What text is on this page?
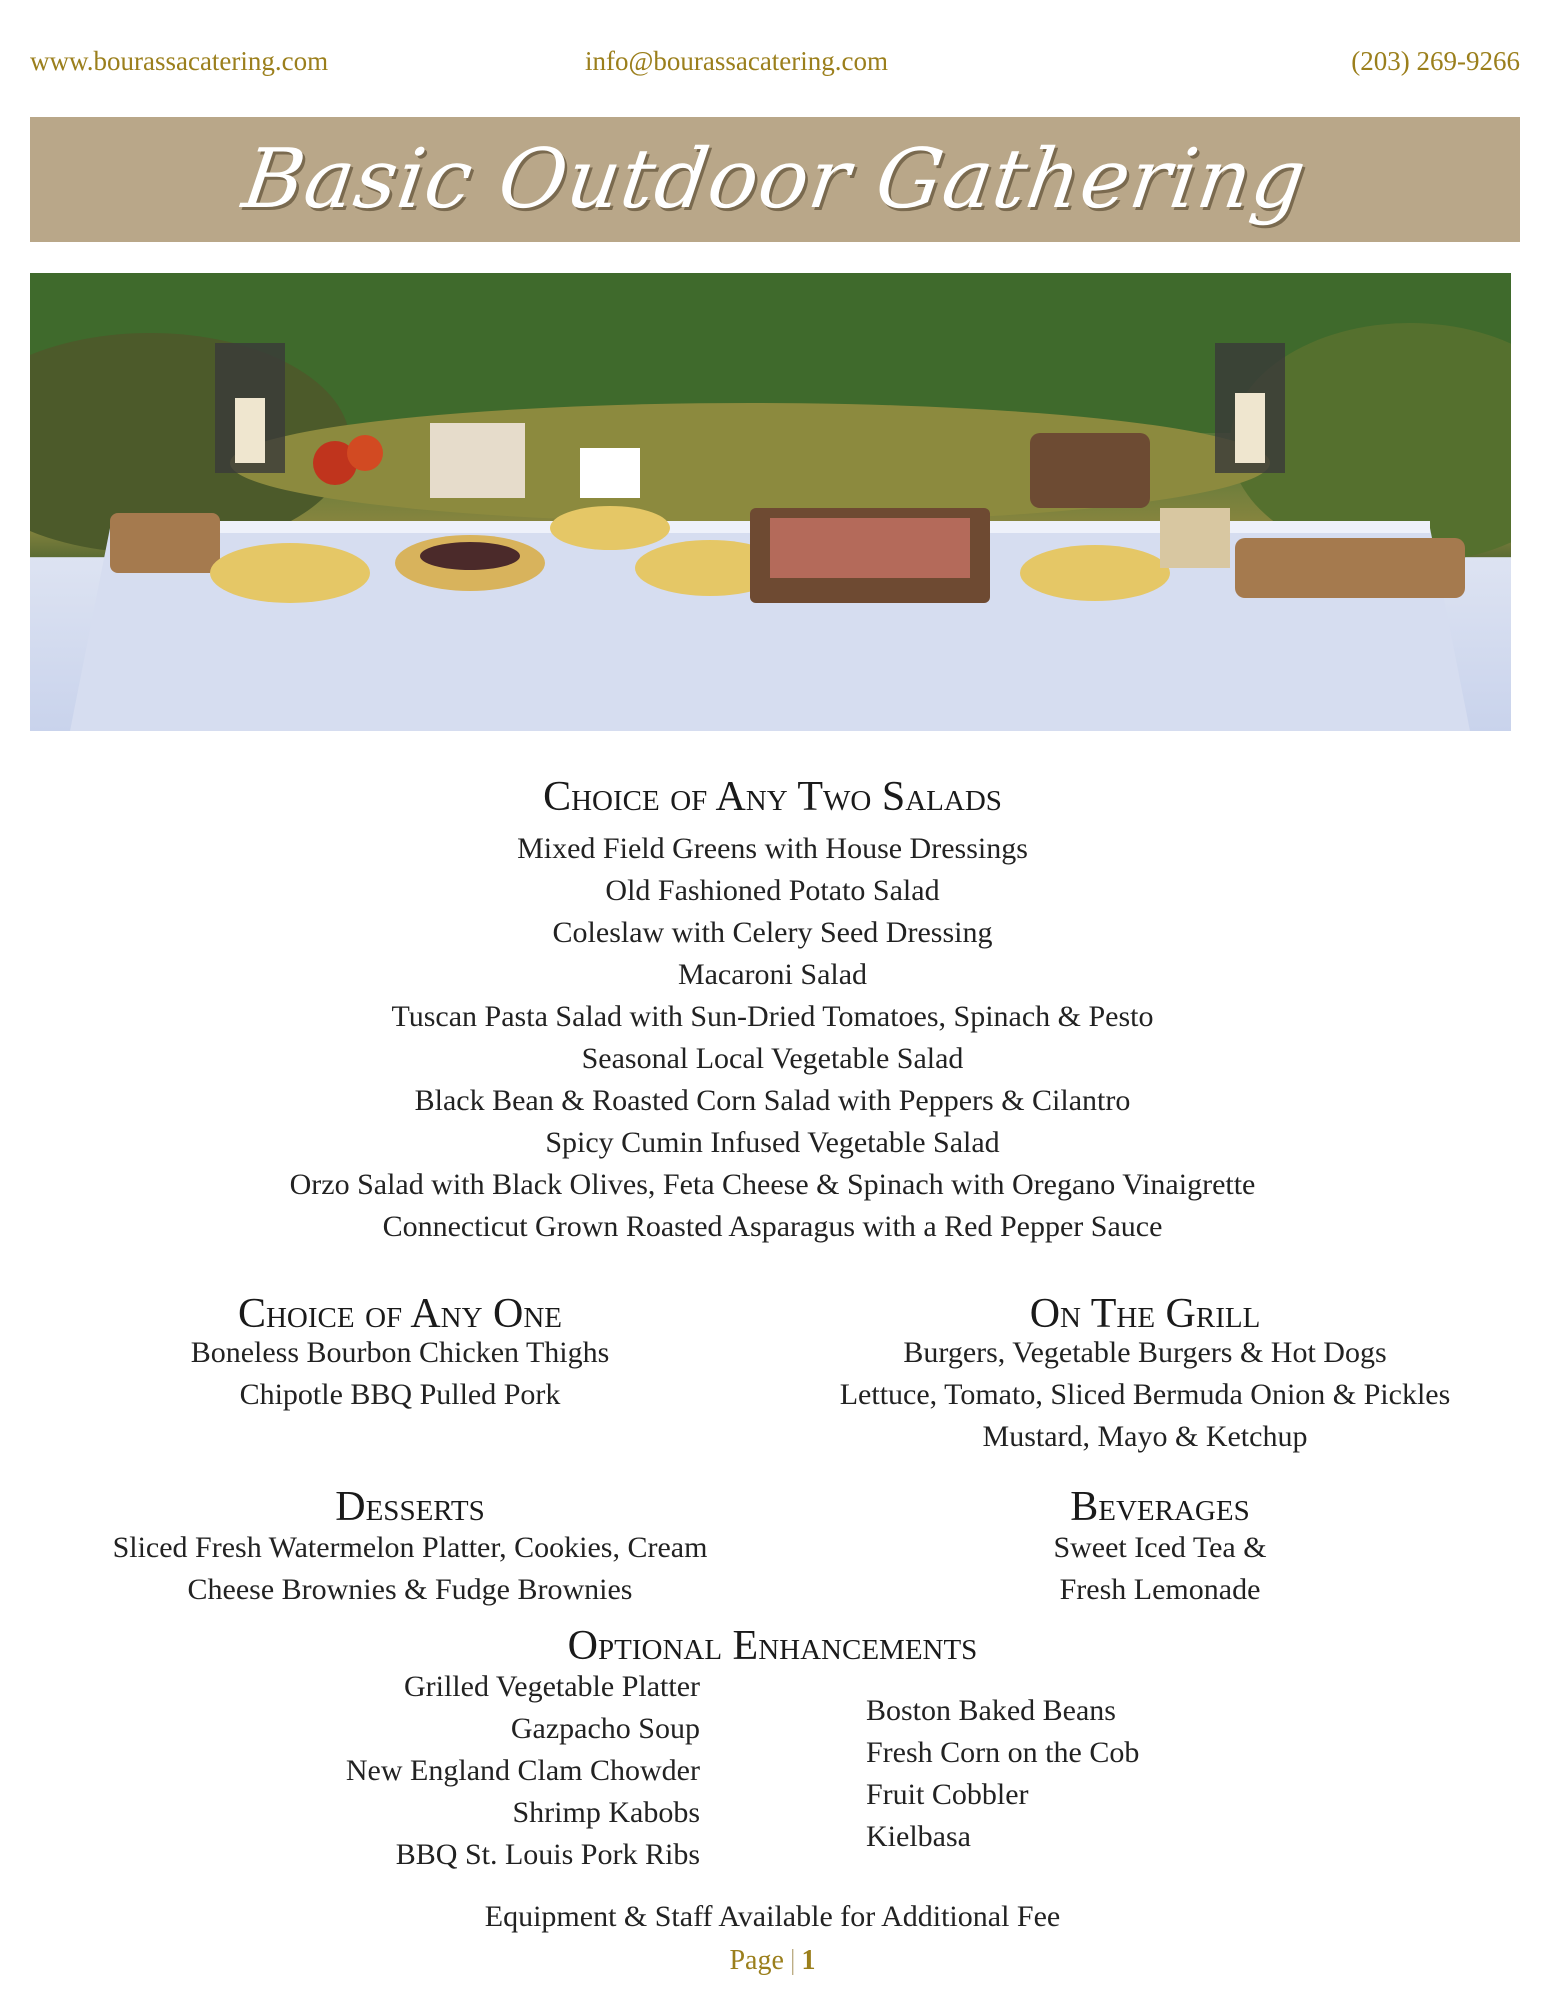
www.bourassacatering.com	info@bourassacatering.com	(203) 269-9266
Basic Outdoor Gathering
Choice of Any Two Salads
Mixed Field Greens with House Dressings
Old Fashioned Potato Salad
Coleslaw with Celery Seed Dressing
Macaroni Salad
Tuscan Pasta Salad with Sun-Dried Tomatoes, Spinach & Pesto
Seasonal Local Vegetable Salad
Black Bean & Roasted Corn Salad with Peppers & Cilantro
Spicy Cumin Infused Vegetable Salad
Orzo Salad with Black Olives, Feta Cheese & Spinach with Oregano Vinaigrette
Connecticut Grown Roasted Asparagus with a Red Pepper Sauce
Choice of Any One
Boneless Bourbon Chicken Thighs
Chipotle BBQ Pulled Pork
On The Grill
Burgers, Vegetable Burgers & Hot Dogs
Lettuce, Tomato, Sliced Bermuda Onion & Pickles
Mustard, Mayo & Ketchup
Desserts
Sliced Fresh Watermelon Platter, Cookies, Cream
Cheese Brownies & Fudge Brownies
Beverages
Sweet Iced Tea &
Fresh Lemonade
Optional Enhancements
Grilled Vegetable Platter
Gazpacho Soup
New England Clam Chowder
Shrimp Kabobs
BBQ St. Louis Pork Ribs
Boston Baked Beans
Fresh Corn on the Cob
Fruit Cobbler
Kielbasa
Equipment & Staff Available for Additional Fee
Page | 1
